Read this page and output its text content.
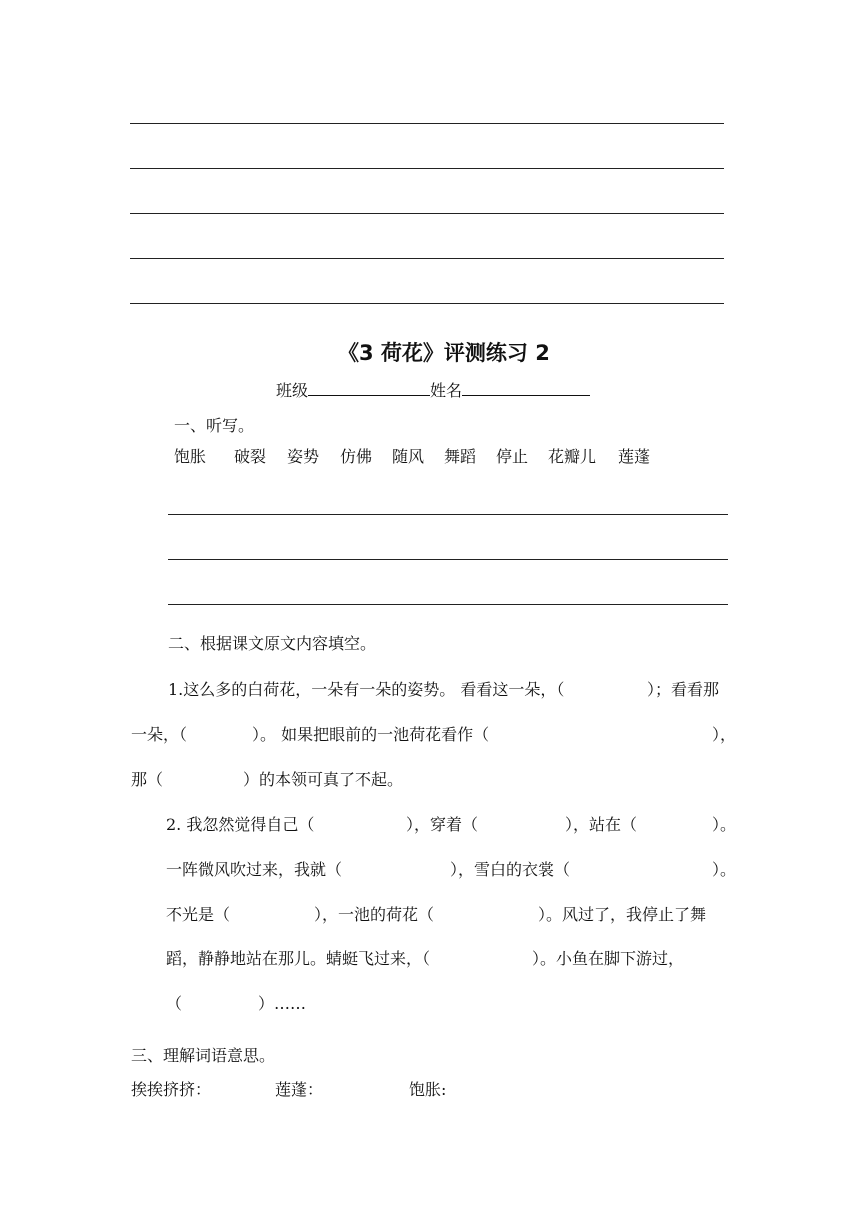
《3 荷花》评测练习 2
班级	姓名
一、听写。
饱胀 破裂 姿势 仿佛 随风 舞蹈 停止 花瓣儿 莲蓬
二、根据课文原文内容填空。
1.这么多的白荷花，一朵有一朵的姿势。 看看这一朵，（	）；看看那
一朵，（	）。 如果把眼前的一池荷花看作（	），
那（	）的本领可真了不起。
2. 我忽然觉得自己（	），穿着（	），站在（	）。
一阵微风吹过来，我就（	），雪白的衣裳（	）。
不光是（	），一池的荷花（	）。风过了，我停止了舞
蹈，静静地站在那儿。蜻蜓飞过来，（	）。小鱼在脚下游过，
（	）……
三、理解词语意思。
挨挨挤挤：	莲蓬：	饱胀:
